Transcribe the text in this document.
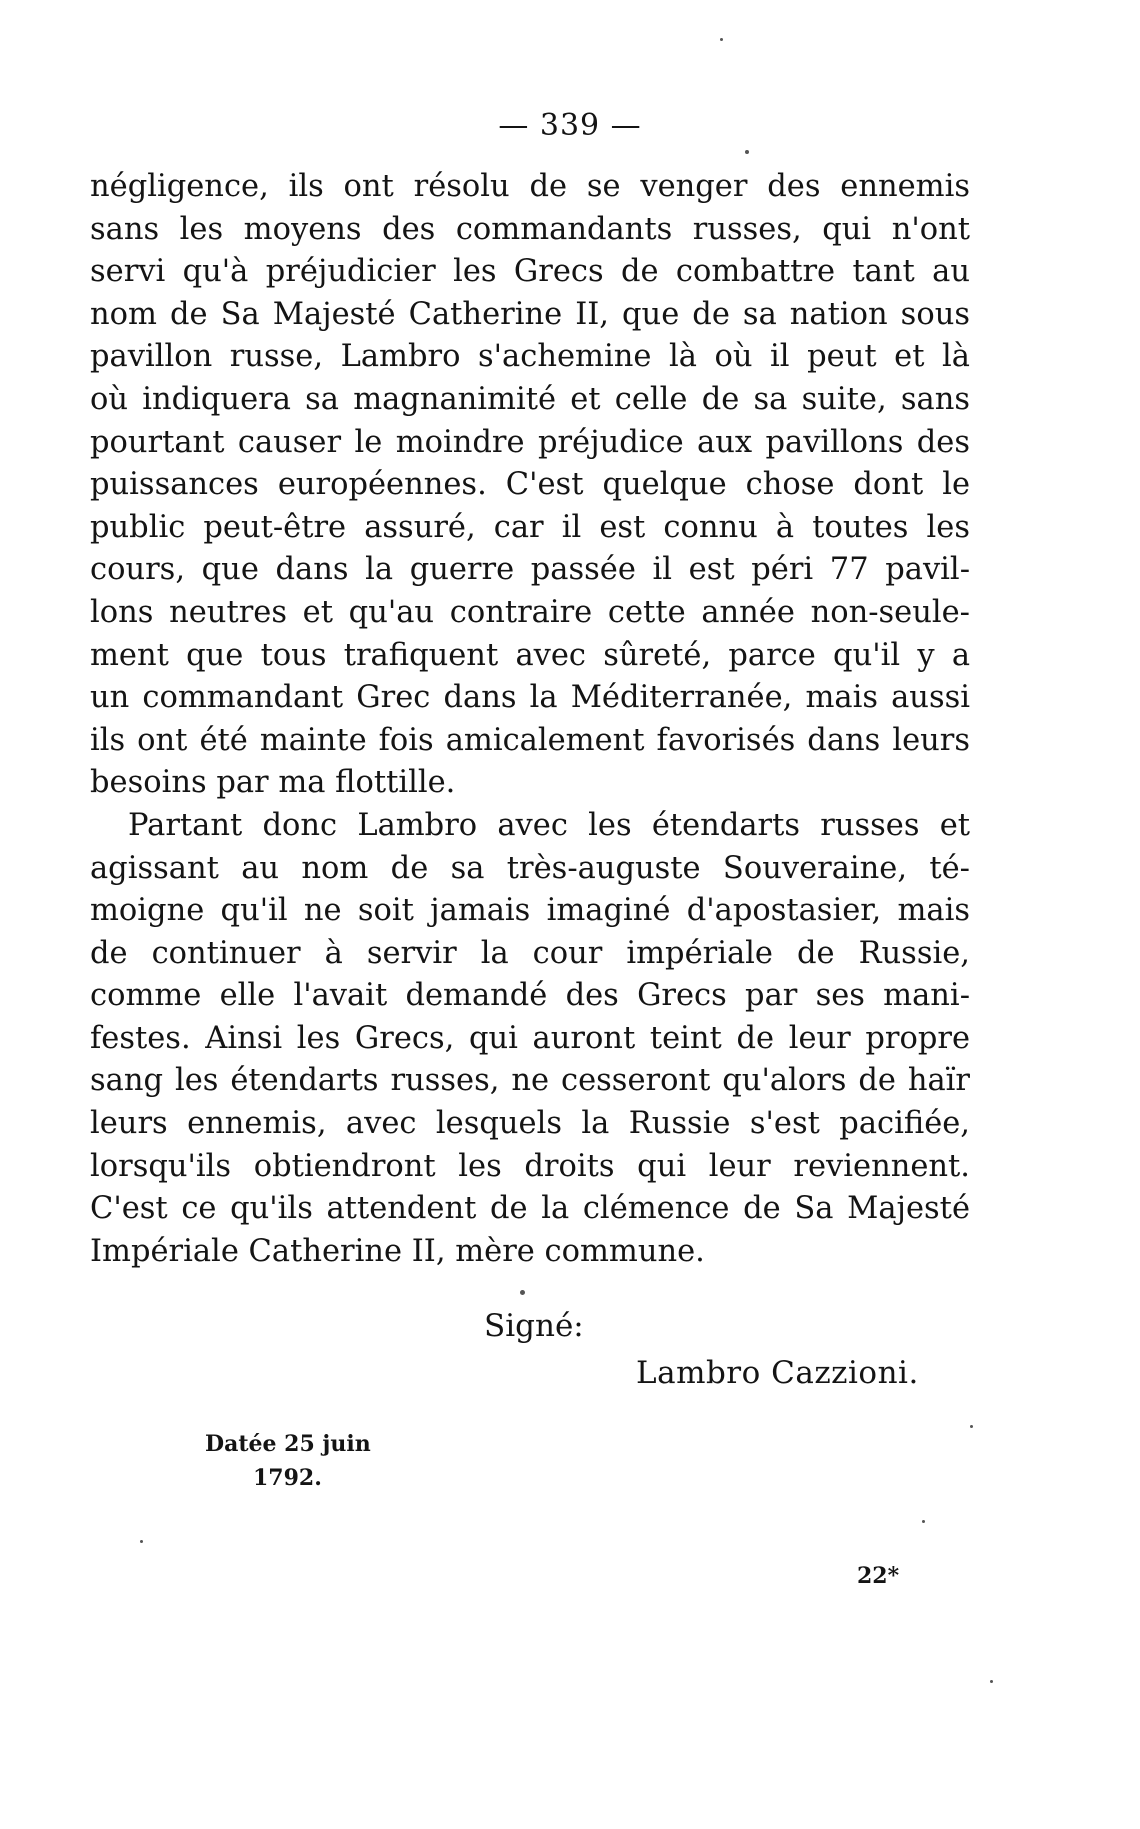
— 339 —

négligence, ils ont résolu de se venger des ennemis
sans les moyens des commandants russes, qui n'ont
servi qu'à préjudicier les Grecs de combattre tant au
nom de Sa Majesté Catherine II, que de sa nation sous
pavillon russe, Lambro s'achemine là où il peut et là
où indiquera sa magnanimité et celle de sa suite, sans
pourtant causer le moindre préjudice aux pavillons des
puissances européennes. C'est quelque chose dont le
public peut-être assuré, car il est connu à toutes les
cours, que dans la guerre passée il est péri 77 pavil-
lons neutres et qu'au contraire cette année non-seule-
ment que tous trafiquent avec sûreté, parce qu'il y a
un commandant Grec dans la Méditerranée, mais aussi
ils ont été mainte fois amicalement favorisés dans leurs
besoins par ma flottille.

Partant donc Lambro avec les étendarts russes et
agissant au nom de sa très-auguste Souveraine, té-
moigne qu'il ne soit jamais imaginé d'apostasier, mais
de continuer à servir la cour impériale de Russie,
comme elle l'avait demandé des Grecs par ses mani-
festes. Ainsi les Grecs, qui auront teint de leur propre
sang les étendarts russes, ne cesseront qu'alors de haïr
leurs ennemis, avec lesquels la Russie s'est pacifiée,
lorsqu'ils obtiendront les droits qui leur reviennent.
C'est ce qu'ils attendent de la clémence de Sa Majesté
Impériale Catherine II, mère commune.

Signé:
Lambro Cazzioni.
Datée 25 juin
1792.
22*
